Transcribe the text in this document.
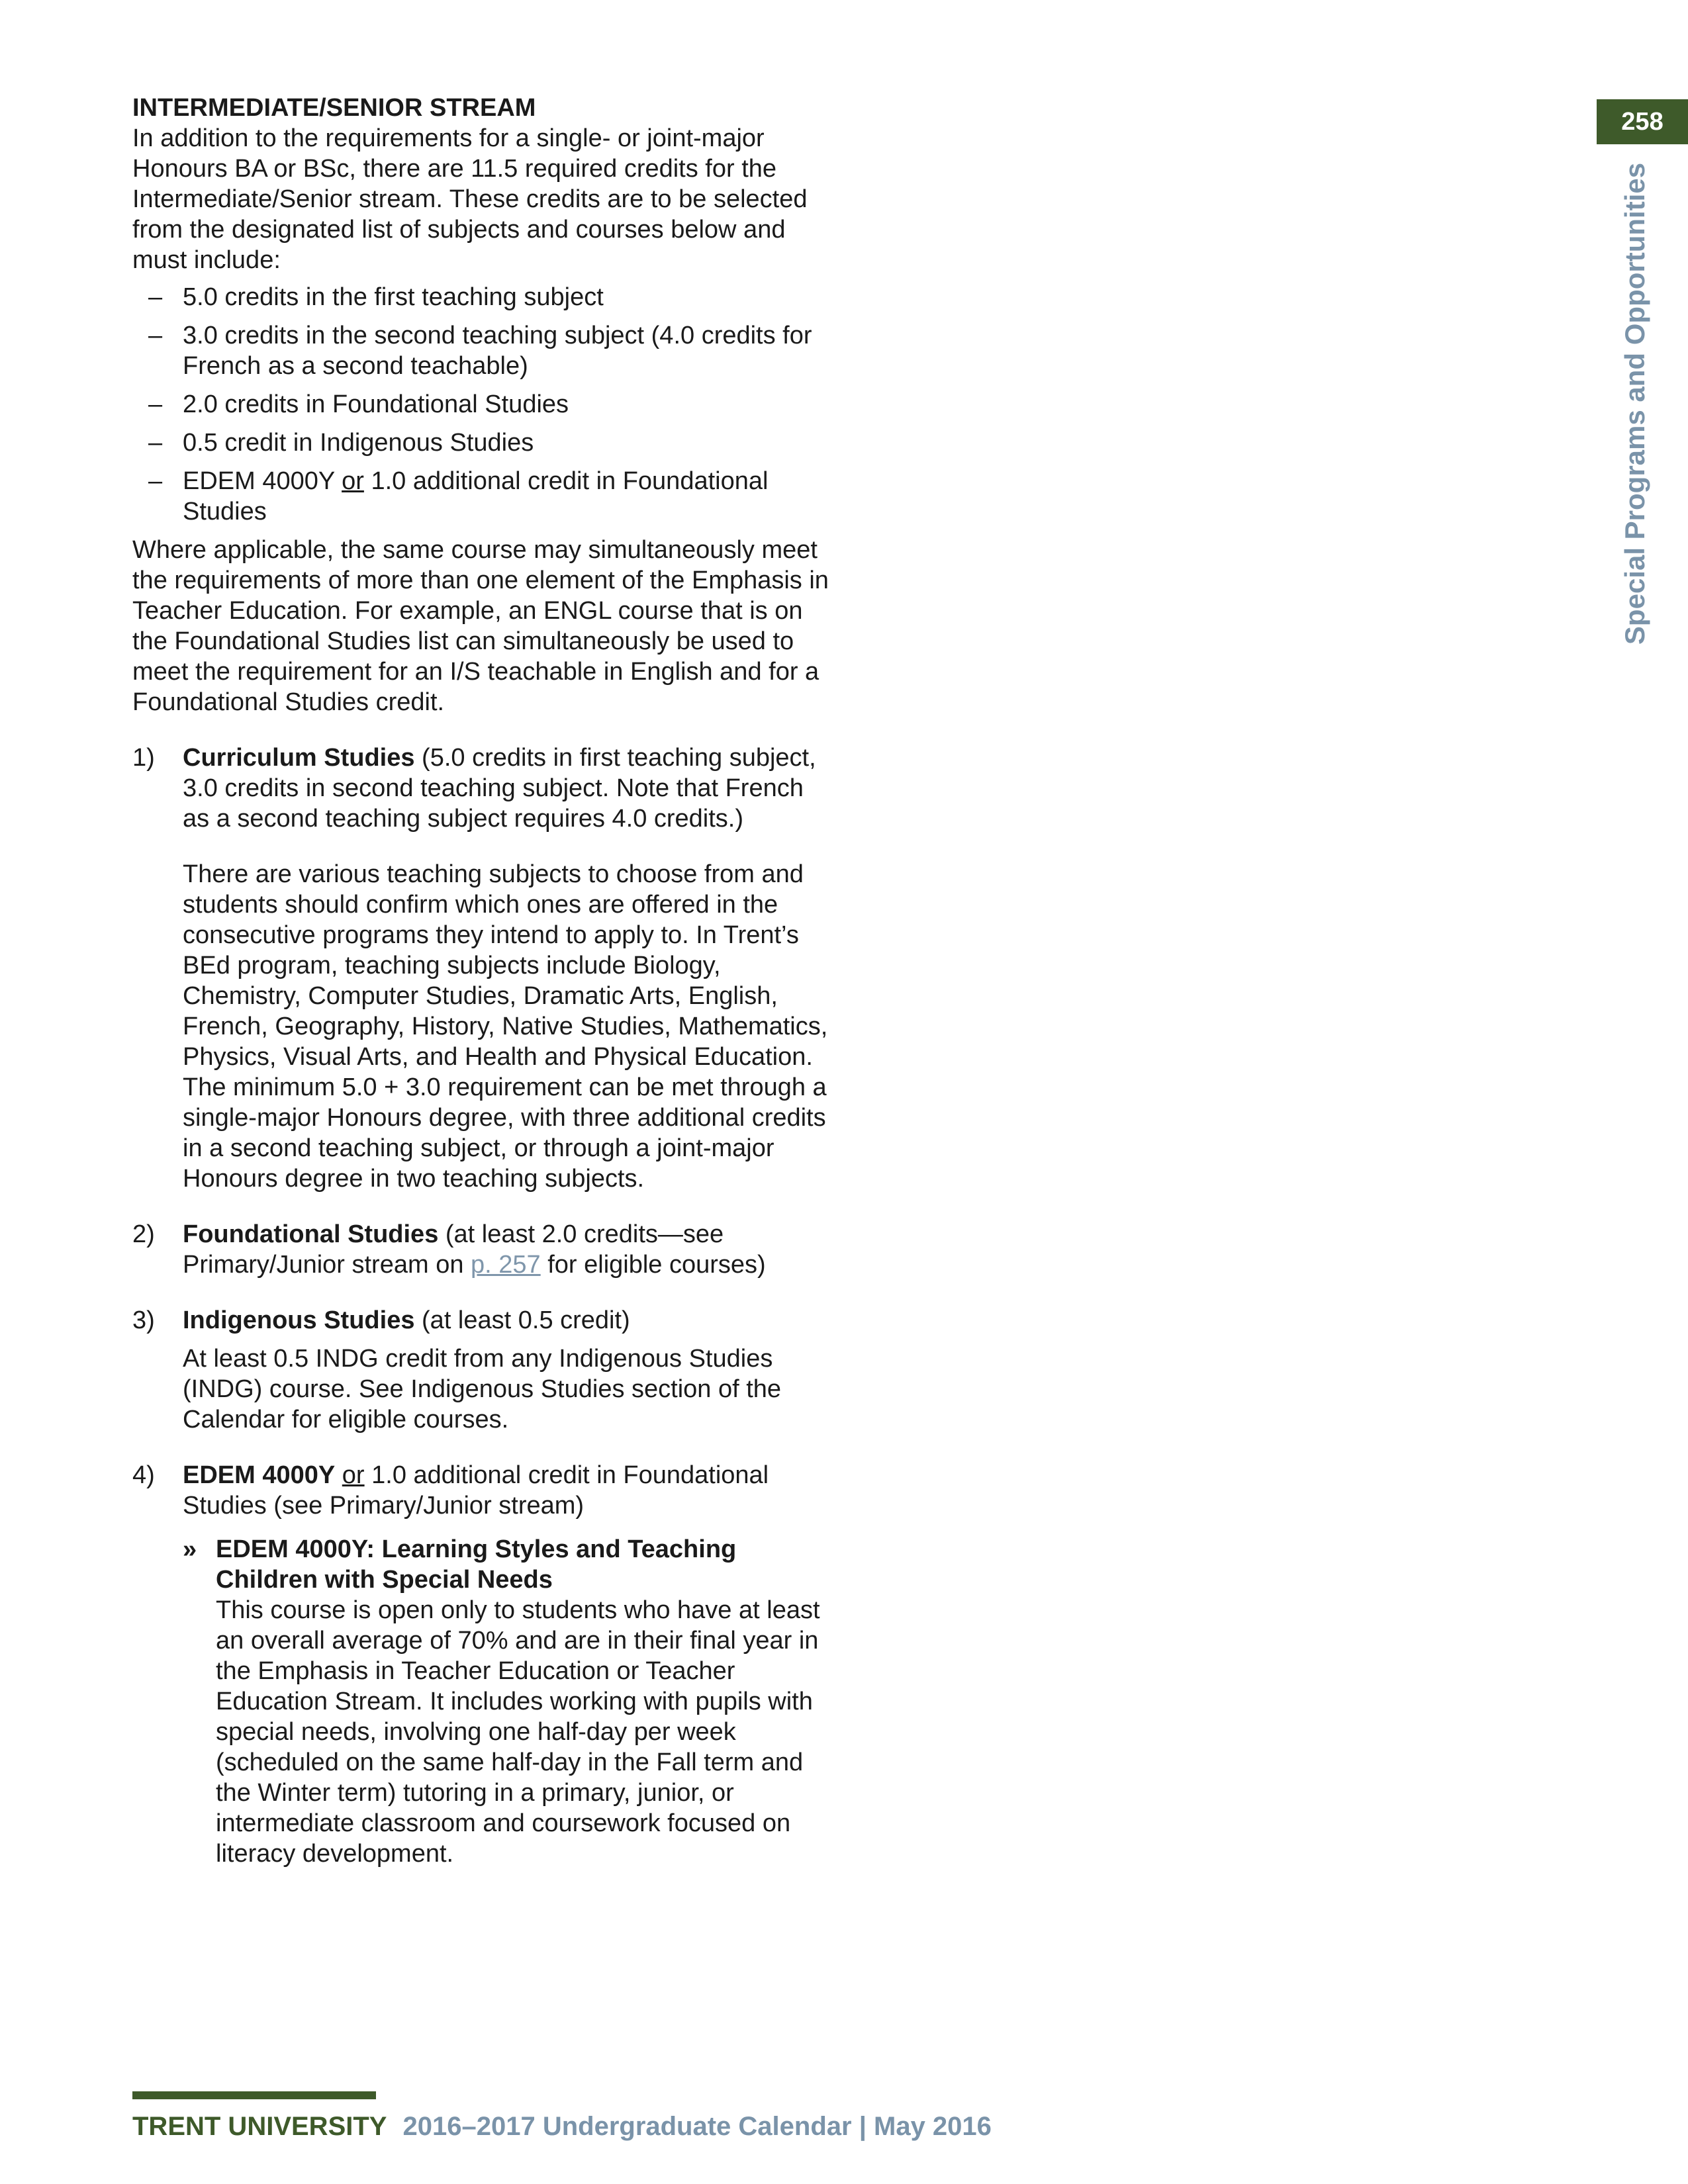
258
Special Programs and Opportunities
INTERMEDIATE/SENIOR STREAM

In addition to the requirements for a single- or joint-major Honours BA or BSc, there are 11.5 required credits for the Intermediate/Senior stream. These credits are to be selected from the designated list of subjects and courses below and must include:

– 5.0 credits in the first teaching subject
– 3.0 credits in the second teaching subject (4.0 credits for French as a second teachable)
– 2.0 credits in Foundational Studies
– 0.5 credit in Indigenous Studies
– EDEM 4000Y or 1.0 additional credit in Foundational Studies

Where applicable, the same course may simultaneously meet the requirements of more than one element of the Emphasis in Teacher Education. For example, an ENGL course that is on the Foundational Studies list can simultaneously be used to meet the requirement for an I/S teachable in English and for a Foundational Studies credit.

1) Curriculum Studies (5.0 credits in first teaching subject, 3.0 credits in second teaching subject. Note that French as a second teaching subject requires 4.0 credits.)
There are various teaching subjects to choose from and students should confirm which ones are offered in the consecutive programs they intend to apply to. In Trent’s BEd program, teaching subjects include Biology, Chemistry, Computer Studies, Dramatic Arts, English, French, Geography, History, Native Studies, Mathematics, Physics, Visual Arts, and Health and Physical Education. The minimum 5.0 + 3.0 requirement can be met through a single-major Honours degree, with three additional credits in a second teaching subject, or through a joint-major Honours degree in two teaching subjects.
2) Foundational Studies (at least 2.0 credits—see Primary/Junior stream on p. 257 for eligible courses)
3) Indigenous Studies (at least 0.5 credit)
At least 0.5 INDG credit from any Indigenous Studies (INDG) course. See Indigenous Studies section of the Calendar for eligible courses.
4) EDEM 4000Y or 1.0 additional credit in Foundational Studies (see Primary/Junior stream)
» EDEM 4000Y: Learning Styles and Teaching Children with Special Needs
This course is open only to students who have at least an overall average of 70% and are in their final year in the Emphasis in Teacher Education or Teacher Education Stream. It includes working with pupils with special needs, involving one half-day per week (scheduled on the same half-day in the Fall term and the Winter term) tutoring in a primary, junior, or intermediate classroom and coursework focused on literacy development.
TRENT UNIVERSITY 2016–2017 Undergraduate Calendar | May 2016
